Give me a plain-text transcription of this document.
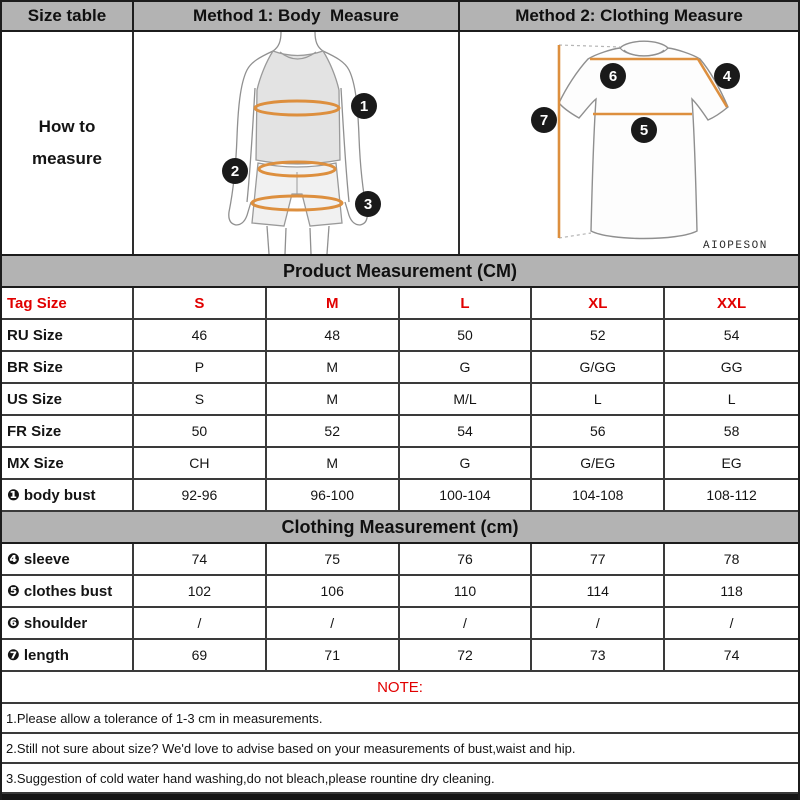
Size table	Method 1: Body  Measure	Method 2: Clothing Measure
How to measure
1
2
3
6	4
7
5
AIOPESON
Product Measurement (CM)
Tag Size	S	M	L	XL	XXL
RU Size	46	48	50	52	54
BR Size	P	M	G	G/GG	GG
US Size	S	M	M/L	L	L
FR Size	50	52	54	56	58
MX Size	CH	M	G	G/EG	EG
❶ body bust	92-96	96-100	100-104	104-108	108-112
Clothing Measurement (cm)
❹ sleeve	74	75	76	77	78
❺ clothes bust	102	106	110	114	118
❻ shoulder	/	/	/	/	/
❼ length	69	71	72	73	74
NOTE:
1.Please allow a tolerance of 1-3 cm in measurements.
2.Still not sure about size? We'd love to advise based on your measurements of bust,waist and hip.
3.Suggestion of cold water hand washing,do not bleach,please rountine dry cleaning.
